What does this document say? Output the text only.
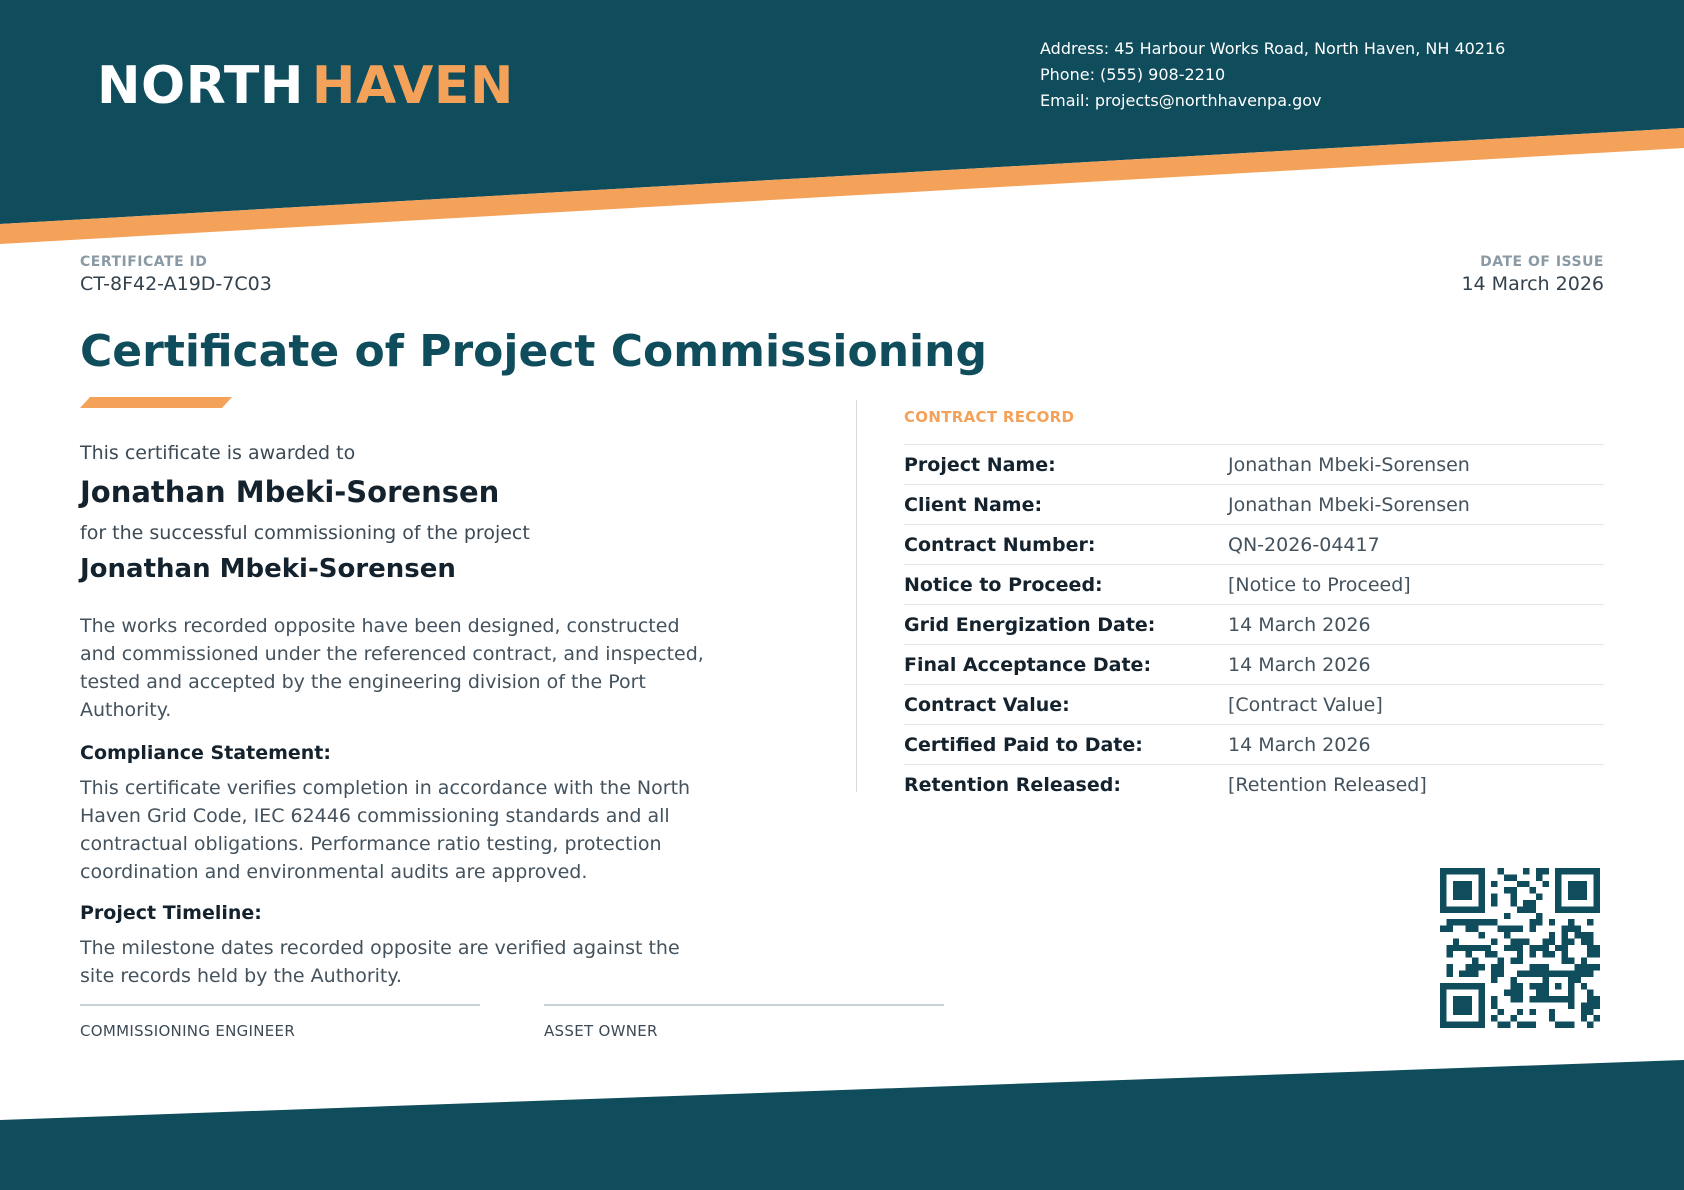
NORTH HAVEN
Address: 45 Harbour Works Road, North Haven, NH 40216
Phone: (555) 908-2210
Email: projects@northhavenpa.gov
CERTIFICATE ID
CT-8F42-A19D-7C03
DATE OF ISSUE
14 March 2026
Certificate of Project Commissioning
This certificate is awarded to
Jonathan Mbeki-Sorensen
for the successful commissioning of the project
Jonathan Mbeki-Sorensen
The works recorded opposite have been designed, constructed and commissioned under the referenced contract, and inspected, tested and accepted by the engineering division of the Port Authority.
Compliance Statement:
This certificate verifies completion in accordance with the North Haven Grid Code, IEC 62446 commissioning standards and all contractual obligations. Performance ratio testing, protection coordination and environmental audits are approved.
Project Timeline:
The milestone dates recorded opposite are verified against the site records held by the Authority.
COMMISSIONING ENGINEER	ASSET OWNER
CONTRACT RECORD
Project Name:	Jonathan Mbeki-Sorensen
Client Name:	Jonathan Mbeki-Sorensen
Contract Number:	QN-2026-04417
Notice to Proceed:	[Notice to Proceed]
Grid Energization Date:	14 March 2026
Final Acceptance Date:	14 March 2026
Contract Value:	[Contract Value]
Certified Paid to Date:	14 March 2026
Retention Released:	[Retention Released]
